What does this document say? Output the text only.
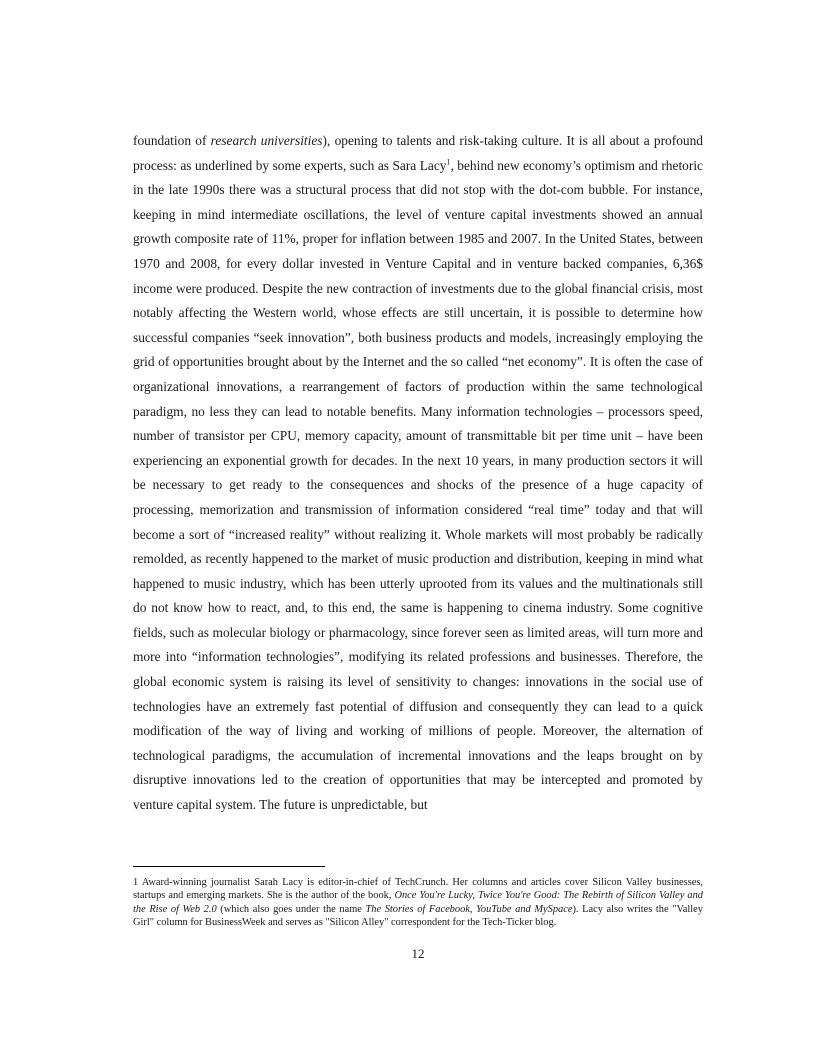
foundation of research universities), opening to talents and risk-taking culture. It is all about a profound process: as underlined by some experts, such as Sara Lacy$^1$, behind new economy’s optimism and rhetoric in the late 1990s there was a structural process that did not stop with the dot-com bubble. For instance, keeping in mind intermediate oscillations, the level of venture capital investments showed an annual growth composite rate of 11%, proper for inflation between 1985 and 2007. In the United States, between 1970 and 2008, for every dollar invested in Venture Capital and in venture backed companies, 6,36$ income were produced. Despite the new contraction of investments due to the global financial crisis, most notably affecting the Western world, whose effects are still uncertain, it is possible to determine how successful companies “seek innovation”, both business products and models, increasingly employing the grid of opportunities brought about by the Internet and the so called “net economy”. It is often the case of organizational innovations, a rearrangement of factors of production within the same technological paradigm, no less they can lead to notable benefits. Many information technologies – processors speed, number of transistor per CPU, memory capacity, amount of transmittable bit per time unit – have been experiencing an exponential growth for decades. In the next 10 years, in many production sectors it will be necessary to get ready to the consequences and shocks of the presence of a huge capacity of processing, memorization and transmission of information considered “real time” today and that will become a sort of “increased reality” without realizing it. Whole markets will most probably be radically remolded, as recently happened to the market of music production and distribution, keeping in mind what happened to music industry, which has been utterly uprooted from its values and the multinationals still do not know how to react, and, to this end, the same is happening to cinema industry. Some cognitive fields, such as molecular biology or pharmacology, since forever seen as limited areas, will turn more and more into “information technologies”, modifying its related professions and businesses. Therefore, the global economic system is raising its level of sensitivity to changes: innovations in the social use of technologies have an extremely fast potential of diffusion and consequently they can lead to a quick modification of the way of living and working of millions of people. Moreover, the alternation of technological paradigms, the accumulation of incremental innovations and the leaps brought on by disruptive innovations led to the creation of opportunities that may be intercepted and promoted by venture capital system. The future is unpredictable, but

1 Award-winning journalist Sarah Lacy is editor-in-chief of TechCrunch. Her columns and articles cover Silicon Valley businesses, startups and emerging markets. She is the author of the book, Once You're Lucky, Twice You're Good: The Rebirth of Silicon Valley and the Rise of Web 2.0 (which also goes under the name The Stories of Facebook, YouTube and MySpace). Lacy also writes the "Valley Girl" column for BusinessWeek and serves as "Silicon Alley" correspondent for the Tech-Ticker blog.

12
